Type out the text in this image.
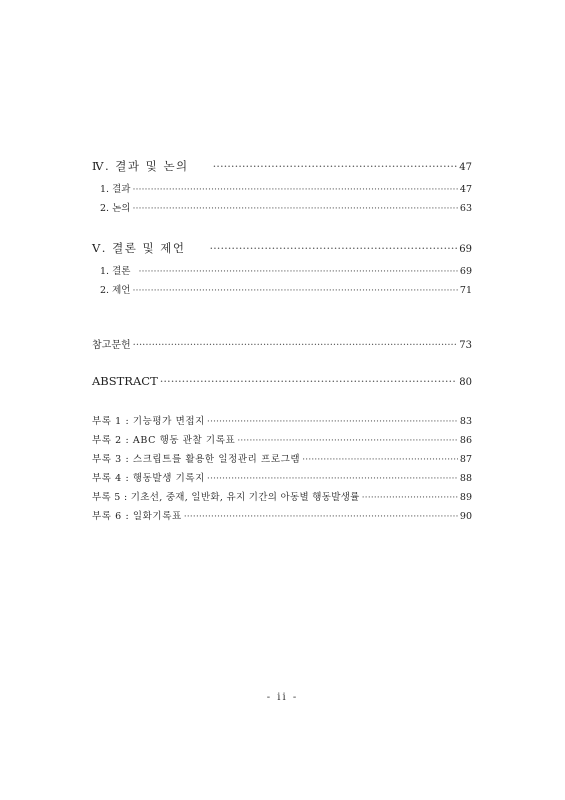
Ⅳ. 결과 및 논의 ·····	47
1. 결과 ·····	47
2. 논의 ·····	63
Ⅴ. 결론 및 제언 ·····	69
1. 결론 ·····	69
2. 제언 ·····	71
참고문헌 ·····	73
ABSTRACT ·····	80
부록 1 : 기능평가 면접지 ·····	83
부록 2 : ABC 행동 관찰 기록표 ·····	86
부록 3 : 스크립트를 활용한 일정관리 프로그램 ·····	87
부록 4 : 행동발생 기록지 ·····	88
부록 5 : 기초선, 중재, 일반화, 유지 기간의 아동별 행동발생률 ·····	89
부록 6 : 일화기록표 ·····	90
- ii -
